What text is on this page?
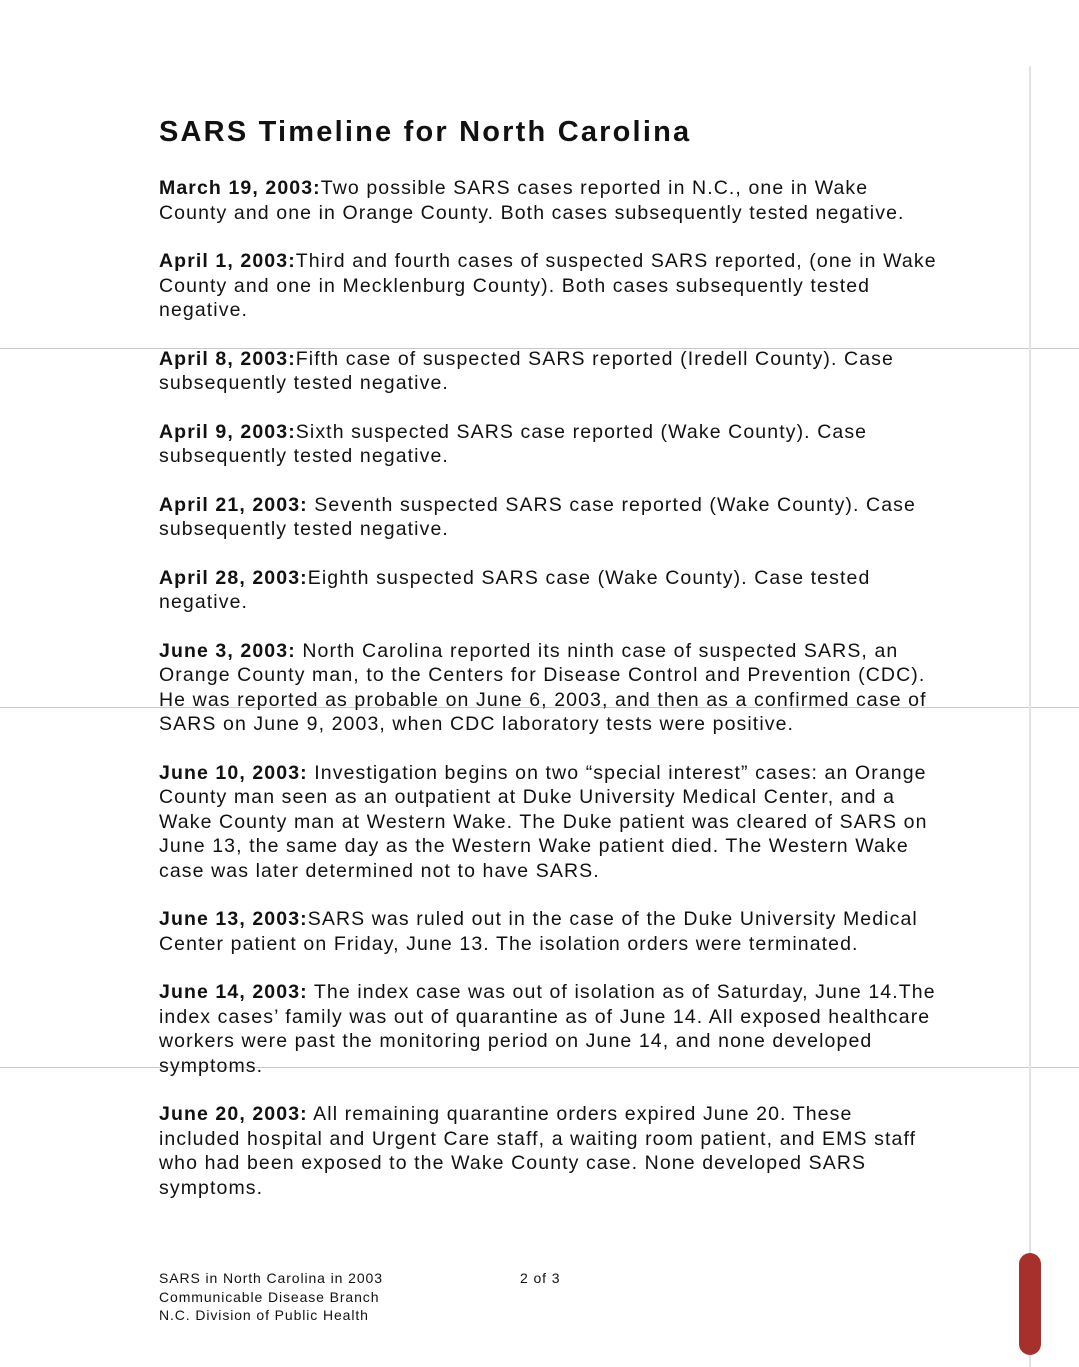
SARS Timeline for North Carolina

March 19, 2003:Two possible SARS cases reported in N.C., one in Wake County and one in Orange County. Both cases subsequently tested negative.

April 1, 2003:Third and fourth cases of suspected SARS reported, (one in Wake County and one in Mecklenburg County). Both cases subsequently tested negative.

April 8, 2003:Fifth case of suspected SARS reported (Iredell County). Case subsequently tested negative.

April 9, 2003:Sixth suspected SARS case reported (Wake County). Case subsequently tested negative.

April 21, 2003: Seventh suspected SARS case reported (Wake County). Case subsequently tested negative.

April 28, 2003:Eighth suspected SARS case (Wake County). Case tested negative.

June 3, 2003: North Carolina reported its ninth case of suspected SARS, an Orange County man, to the Centers for Disease Control and Prevention (CDC). He was reported as probable on June 6, 2003, and then as a confirmed case of SARS on June 9, 2003, when CDC laboratory tests were positive.

June 10, 2003: Investigation begins on two “special interest” cases: an Orange County man seen as an outpatient at Duke University Medical Center, and a Wake County man at Western Wake. The Duke patient was cleared of SARS on June 13, the same day as the Western Wake patient died. The Western Wake case was later determined not to have SARS.

June 13, 2003:SARS was ruled out in the case of the Duke University Medical Center patient on Friday, June 13. The isolation orders were terminated.

June 14, 2003: The index case was out of isolation as of Saturday, June 14.The index cases’ family was out of quarantine as of June 14. All exposed healthcare workers were past the monitoring period on June 14, and none developed symptoms.

June 20, 2003: All remaining quarantine orders expired June 20. These included hospital and Urgent Care staff, a waiting room patient, and EMS staff who had been exposed to the Wake County case. None developed SARS symptoms.

SARS in North Carolina in 2003
Communicable Disease Branch
N.C. Division of Public Health
2 of 3
